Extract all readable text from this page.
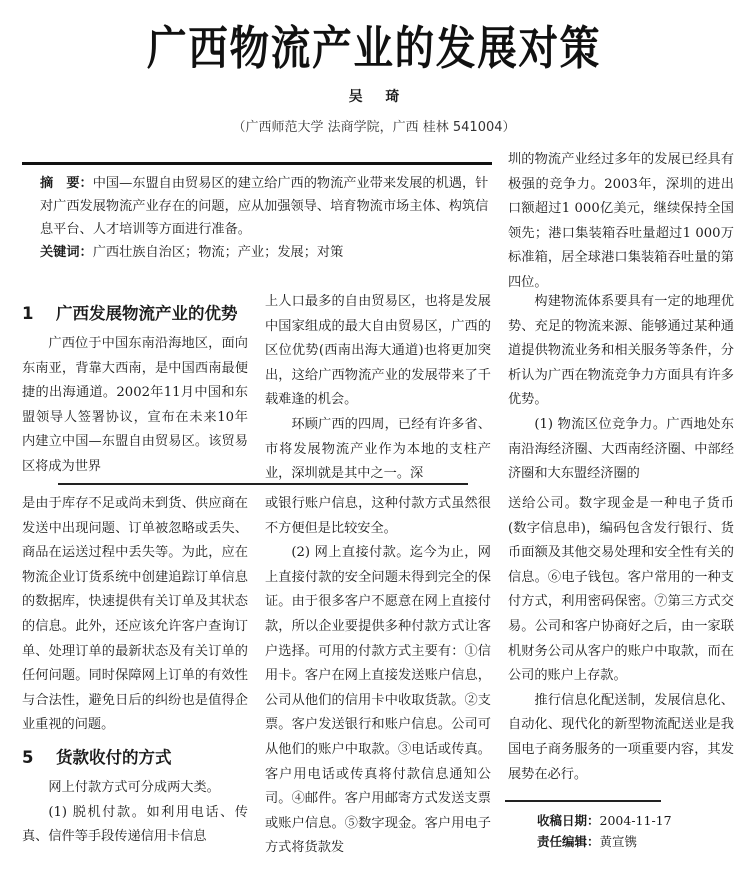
广西物流产业的发展对策
吴 琦
（广西师范大学 法商学院，广西 桂林 541004）
摘　要：中国—东盟自由贸易区的建立给广西的物流产业带来发展的机遇，针对广西发展物流产业存在的问题，应从加强领导、培育物流市场主体、构筑信息平台、人才培训等方面进行准备。
关键词：广西壮族自治区；物流；产业；发展；对策

圳的物流产业经过多年的发展已经具有极强的竞争力。2003年，深圳的进出口额超过1 000亿美元，继续保持全国领先；港口集装箱吞吐量超过1 000万标准箱，居全球港口集装箱吞吐量的第四位。

1 广西发展物流产业的优势

广西位于中国东南沿海地区，面向东南亚，背靠大西南，是中国西南最便捷的出海通道。2002年11月中国和东盟领导人签署协议，宣布在未来10年内建立中国—东盟自由贸易区。该贸易区将成为世界

上人口最多的自由贸易区，也将是发展中国家组成的最大自由贸易区，广西的区位优势(西南出海大通道)也将更加突出，这给广西物流产业的发展带来了千载难逢的机会。

环顾广西的四周，已经有许多省、市将发展物流产业作为本地的支柱产业，深圳就是其中之一。深

构建物流体系要具有一定的地理优势、充足的物流来源、能够通过某种通道提供物流业务和相关服务等条件，分析认为广西在物流竞争力方面具有许多优势。

(1) 物流区位竞争力。广西地处东南沿海经济圈、大西南经济圈、中部经济圈和大东盟经济圈的

是由于库存不足或尚未到货、供应商在发送中出现问题、订单被忽略或丢失、商品在运送过程中丢失等。为此，应在物流企业订货系统中创建追踪订单信息的数据库，快速提供有关订单及其状态的信息。此外，还应该允许客户查询订单、处理订单的最新状态及有关订单的任何问题。同时保障网上订单的有效性与合法性，避免日后的纠纷也是值得企业重视的问题。

5 货款收付的方式

网上付款方式可分成两大类。

(1) 脱机付款。如利用电话、传真、信件等手段传递信用卡信息

或银行账户信息，这种付款方式虽然很不方便但是比较安全。

(2) 网上直接付款。迄今为止，网上直接付款的安全问题未得到完全的保证。由于很多客户不愿意在网上直接付款，所以企业要提供多种付款方式让客户选择。可用的付款方式主要有：①信用卡。客户在网上直接发送账户信息，公司从他们的信用卡中收取货款。②支票。客户发送银行和账户信息。公司可从他们的账户中取款。③电话或传真。客户用电话或传真将付款信息通知公司。④邮件。客户用邮寄方式发送支票或账户信息。⑤数字现金。客户用电子方式将货款发

送给公司。数字现金是一种电子货币(数字信息串)，编码包含发行银行、货币面额及其他交易处理和安全性有关的信息。⑥电子钱包。客户常用的一种支付方式，利用密码保密。⑦第三方式交易。公司和客户协商好之后，由一家联机财务公司从客户的账户中取款，而在公司的账户上存款。

推行信息化配送制，发展信息化、自动化、现代化的新型物流配送业是我国电子商务服务的一项重要内容，其发展势在必行。

收稿日期：2004-11-17
责任编辑：黄宣镌
